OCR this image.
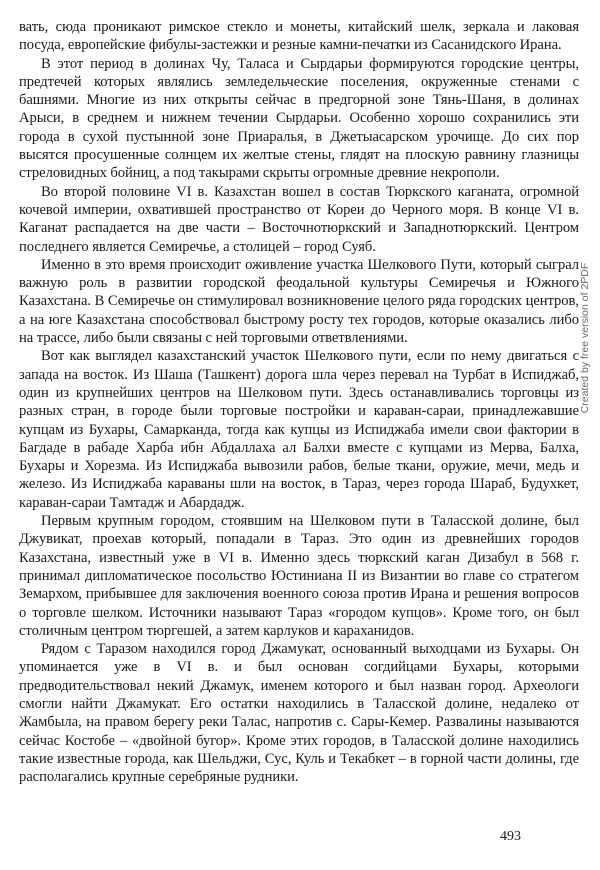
вать, сюда проникают римское стекло и монеты, китайский шелк, зеркала и лаковая посуда, европейские фибулы-застежки и резные камни-печатки из Сасанидского Ирана.

В этот период в долинах Чу, Таласа и Сырдарьи формируются городские центры, предтечей которых являлись земледельческие поселения, окруженные стенами с башнями. Многие из них открыты сейчас в предгорной зоне Тянь-Шаня, в долинах Арыси, в среднем и нижнем течении Сырдарьи. Особенно хорошо сохранились эти города в сухой пустынной зоне Приаралья, в Джетыасарском урочище. До сих пор высятся просушенные солнцем их желтые стены, глядят на плоскую равнину глазницы стреловидных бойниц, а под такырами скрыты огромные древние некрополи.

Во второй половине VI в. Казахстан вошел в состав Тюркского каганата, огромной кочевой империи, охватившей пространство от Кореи до Черного моря. В конце VI в. Каганат распадается на две части – Восточнотюркский и Западнотюркский. Центром последнего является Семиречье, а столицей – город Суяб.

Именно в это время происходит оживление участка Шелкового Пути, который сыграл важную роль в развитии городской феодальной культуры Семиречья и Южного Казахстана. В Семиречье он стимулировал возникновение целого ряда городских центров, а на юге Казахстана способствовал быстрому росту тех городов, которые оказались либо на трассе, либо были связаны с ней торговыми ответвлениями.

Вот как выглядел казахстанский участок Шелкового пути, если по нему двигаться с запада на восток. Из Шаша (Ташкент) дорога шла через перевал на Турбат в Испиджаб, один из крупнейших центров на Шелковом пути. Здесь останавливались торговцы из разных стран, в городе были торговые постройки и караван-сараи, принадлежавшие купцам из Бухары, Самарканда, тогда как купцы из Испиджаба имели свои фактории в Багдаде в рабаде Харба ибн Абдаллаха ал Балхи вместе с купцами из Мерва, Балха, Бухары и Хорезма. Из Испиджаба вывозили рабов, белые ткани, оружие, мечи, медь и железо. Из Испиджаба караваны шли на восток, в Тараз, через города Шараб, Будухкет, караван-сараи Тамтадж и Абардадж.

Первым крупным городом, стоявшим на Шелковом пути в Таласской долине, был Джувикат, проехав который, попадали в Тараз. Это один из древнейших городов Казахстана, известный уже в VI в. Именно здесь тюркский каган Дизабул в 568 г. принимал дипломатическое посольство Юстиниана II из Византии во главе со стратегом Земархом, прибывшее для заключения военного союза против Ирана и решения вопросов о торговле шелком. Источники называют Тараз «городом купцов». Кроме того, он был столичным центром тюргешей, а затем карлуков и караханидов.

Рядом с Таразом находился город Джамукат, основанный выходцами из Бухары. Он упоминается уже в VI в. и был основан согдийцами Бухары, которыми предводительствовал некий Джамук, именем которого и был назван город. Археологи смогли найти Джамукат. Его остатки находились в Таласской долине, недалеко от Жамбыла, на правом берегу реки Талас, напротив с. Сары-Кемер. Развалины называются сейчас Костобе – «двойной бугор». Кроме этих городов, в Таласской долине находились такие известные города, как Шельджи, Сус, Куль и Текабкет – в горной части долины, где располагались крупные серебряные рудники.

493
Created by free version of 2PDF
